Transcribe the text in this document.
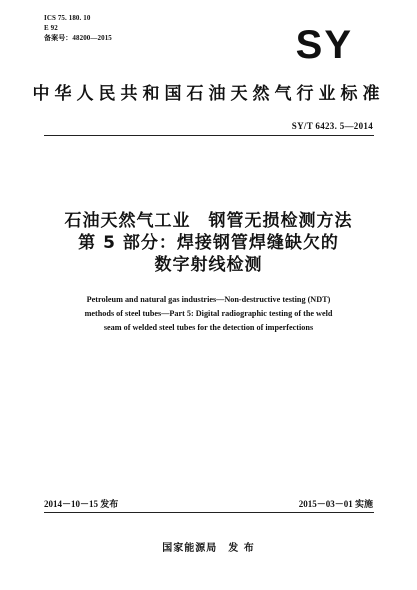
ICS 75. 180. 10
E 92
备案号：48200—2015	SY
中华人民共和国石油天然气行业标准
SY/T 6423. 5—2014
石油天然气工业　钢管无损检测方法
第 5 部分：焊接钢管焊缝缺欠的
数字射线检测
Petroleum and natural gas industries—Non-destructive testing (NDT)
methods of steel tubes—Part 5: Digital radiographic testing of the weld
seam of welded steel tubes for the detection of imperfections
2014－10－15 发布	2015－03－01 实施
国家能源局　发 布
